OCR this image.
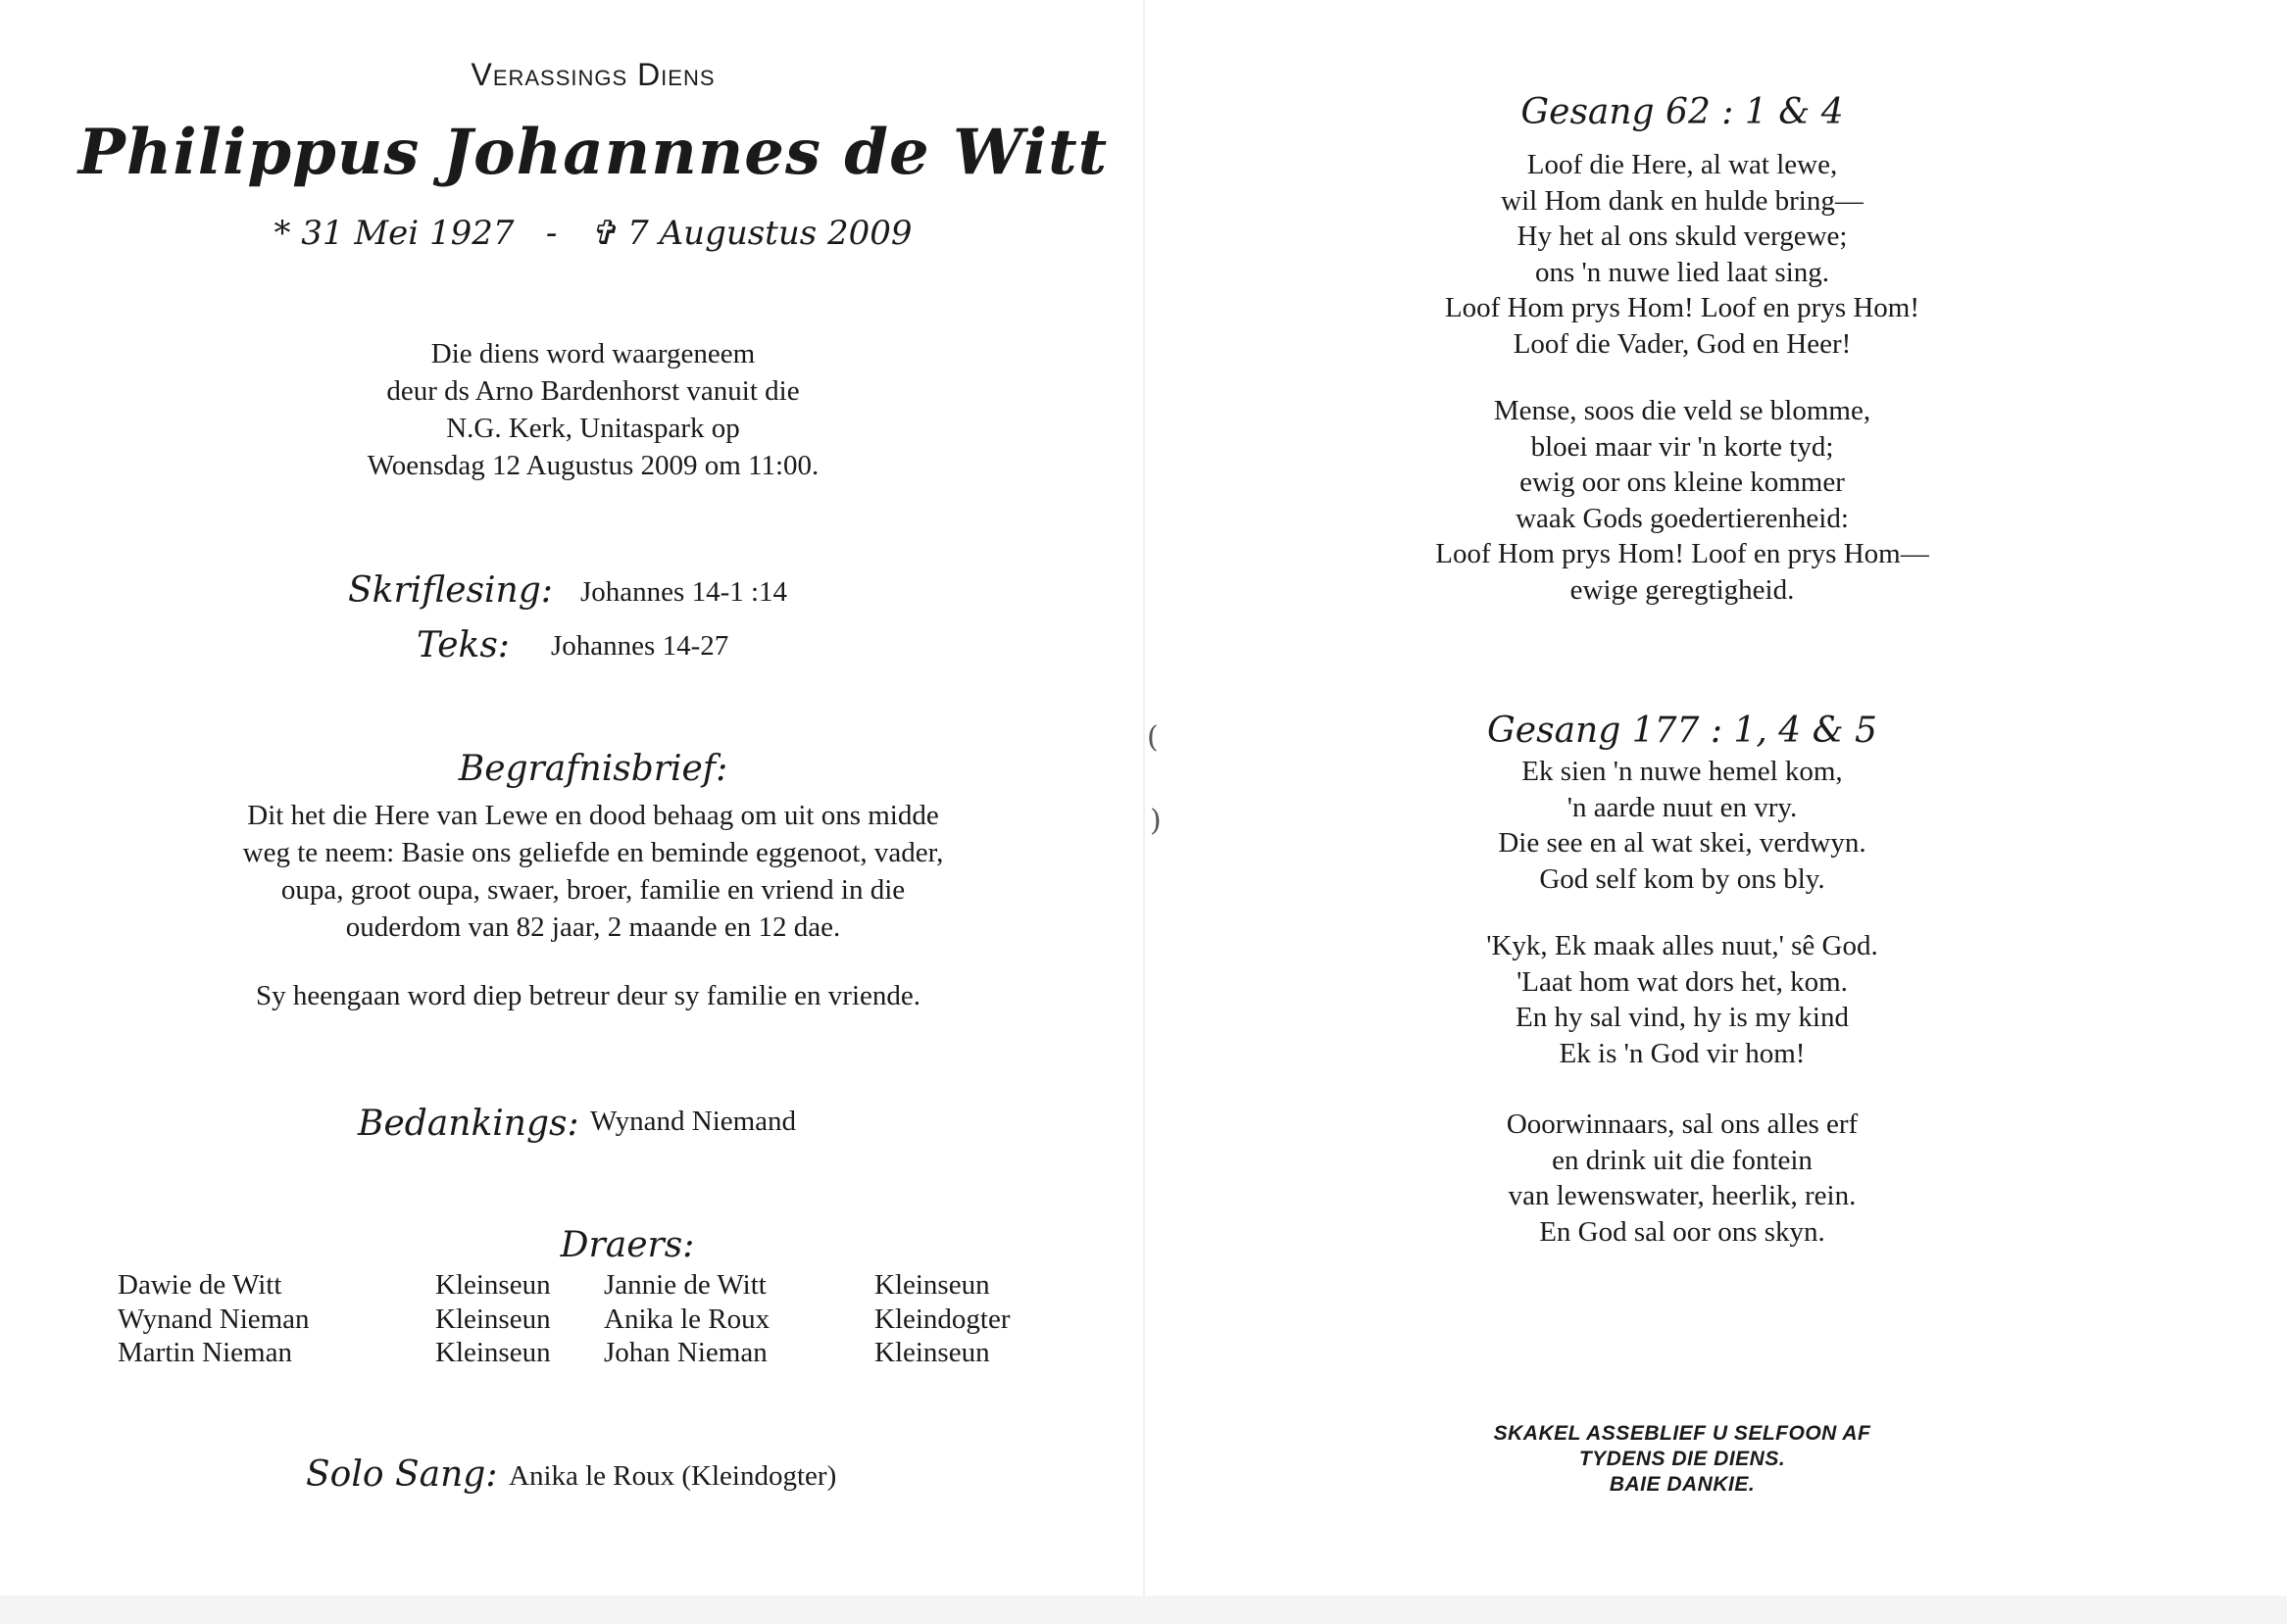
(
)
Verassings Diens
Philippus Johannnes de Witt
* 31 Mei 1927 - ✞ 7 Augustus 2009
Die diens word waargeneem
deur ds Arno Bardenhorst vanuit die
N.G. Kerk, Unitaspark op
Woensdag 12 Augustus 2009 om 11:00.
Skriflesing: Johannes 14-1 :14
Teks: Johannes 14-27
Begrafnisbrief:
Dit het die Here van Lewe en dood behaag om uit ons midde
weg te neem: Basie ons geliefde en beminde eggenoot, vader,
oupa, groot oupa, swaer, broer, familie en vriend in die
ouderdom van 82 jaar, 2 maande en 12 dae.
Sy heengaan word diep betreur deur sy familie en vriende.
Bedankings: Wynand Niemand
Draers:
Dawie de Witt
Wynand Nieman
Martin Nieman
Kleinseun
Kleinseun
Kleinseun
Jannie de Witt
Anika le Roux
Johan Nieman
Kleinseun
Kleindogter
Kleinseun
Solo Sang: Anika le Roux (Kleindogter)
Gesang 62 : 1 & 4

Loof die Here, al wat lewe,

wil Hom dank en hulde bring—

Hy het al ons skuld vergewe;

ons 'n nuwe lied laat sing.

Loof Hom prys Hom! Loof en prys Hom!

Loof die Vader, God en Heer!

Mense, soos die veld se blomme,

bloei maar vir 'n korte tyd;

ewig oor ons kleine kommer

waak Gods goedertierenheid:

Loof Hom prys Hom! Loof en prys Hom—

ewige geregtigheid.

Gesang 177 : 1, 4 & 5

Ek sien 'n nuwe hemel kom,

'n aarde nuut en vry.

Die see en al wat skei, verdwyn.

God self kom by ons bly.

'Kyk, Ek maak alles nuut,' sê God.

'Laat hom wat dors het, kom.

En hy sal vind, hy is my kind

Ek is 'n God vir hom!

Ooorwinnaars, sal ons alles erf

en drink uit die fontein

van lewenswater, heerlik, rein.

En God sal oor ons skyn.

SKAKEL ASSEBLIEF U SELFOON AF
TYDENS DIE DIENS.
BAIE DANKIE.
